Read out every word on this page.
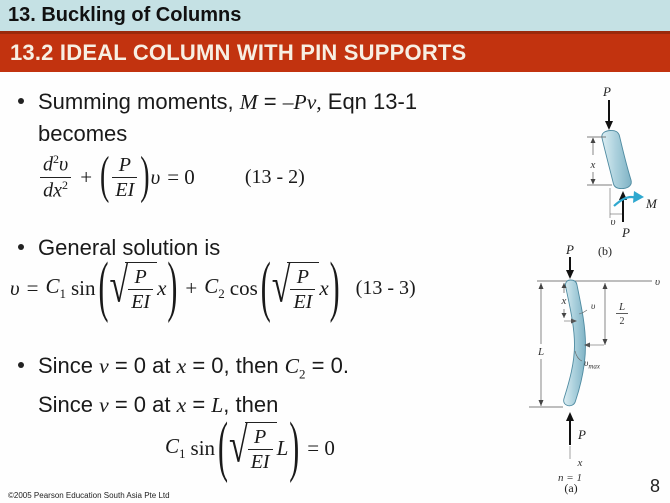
13. Buckling of Columns
13.2 IDEAL COLUMN WITH PIN SUPPORTS
Summing moments, M = –Pν, Eqn 13-1
becomes
$\frac{d^2\upsilon}{dx^2}$ + ( $\frac{P}{EI}$ ) υ = 0	(13 - 2)
General solution is
$\upsilon = C_1$ sin ( √ $\frac{P}{EI}$ x ) + $C_2$ cos ( √ $\frac{P}{EI}$ x ) (13 - 3)
Since ν = 0 at x = 0, then $C_2 = 0$.
Since ν = 0 at x = L, then
$C_1$ sin ( √ $\frac{P}{EI}$ L ) = 0
P
x
υ
P
M
(b)
P
υ
L
x	υ L
2
υmax
P
x
n = 1
(a)
©2005 Pearson Education South Asia Pte Ltd	8
